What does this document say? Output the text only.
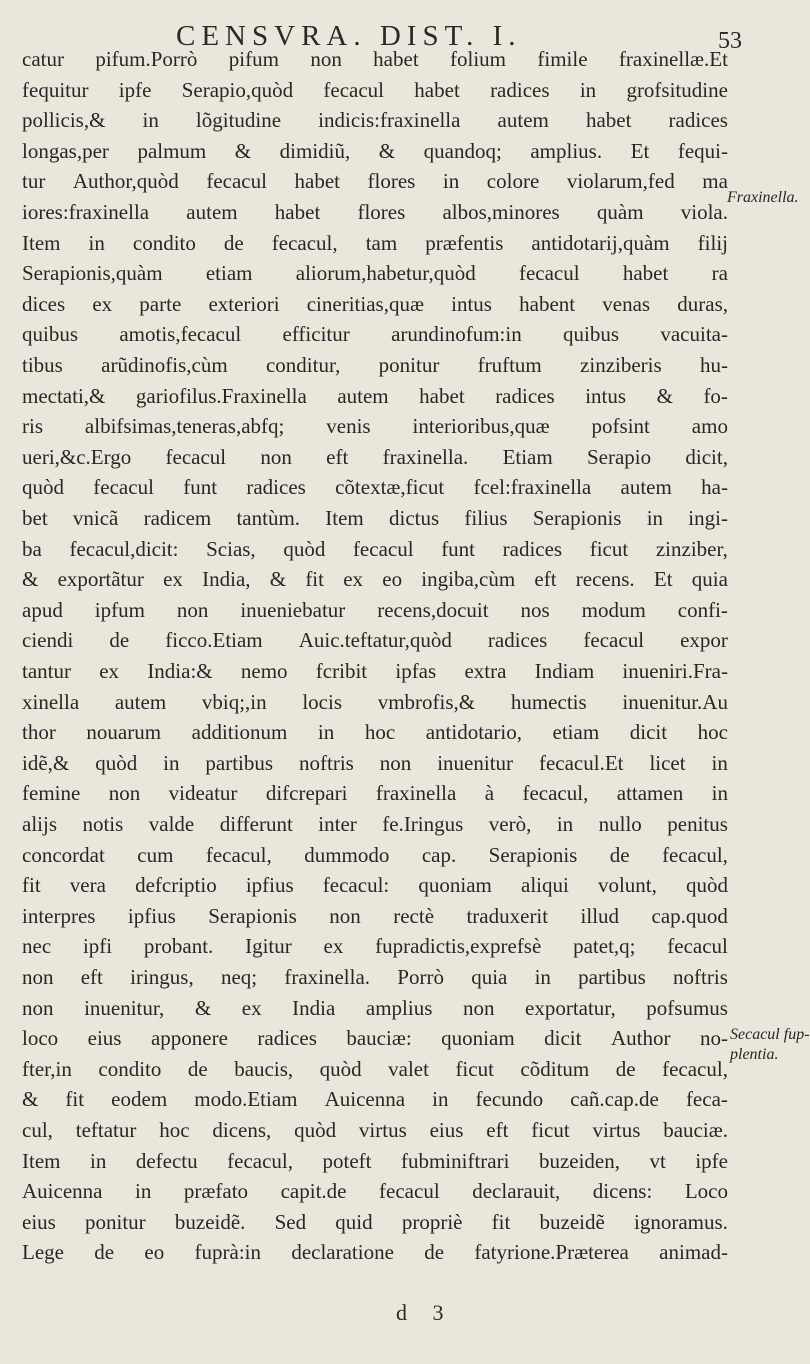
CENSVRA. DIST. I.	53
catur pifum.Porrò pifum non habet folium fimile fraxinellæ.Et
fequitur ipfe Serapio,quòd fecacul habet radices in grofsitudine
pollicis,& in lõgitudine indicis:fraxinella autem habet radices
longas,per palmum & dimidiũ, & quandoq; amplius. Et fequi-
tur Author,quòd fecacul habet flores in colore violarum,fed ma
iores:fraxinella autem habet flores albos,minores quàm viola.
Item in condito de fecacul, tam præfentis antidotarij,quàm filij
Serapionis,quàm etiam aliorum,habetur,quòd fecacul habet ra
dices ex parte exteriori cineritias,quæ intus habent venas duras,
quibus amotis,fecacul efficitur arundinofum:in quibus vacuita-
tibus arũdinofis,cùm conditur, ponitur fruftum zinziberis hu-
mectati,& gariofilus.Fraxinella autem habet radices intus & fo-
ris albifsimas,teneras,abfq; venis interioribus,quæ pofsint amo
ueri,&c.Ergo fecacul non eft fraxinella. Etiam Serapio dicit,
quòd fecacul funt radices cõtextæ,ficut fcel:fraxinella autem ha-
bet vnicã radicem tantùm. Item dictus filius Serapionis in ingi-
ba fecacul,dicit: Scias, quòd fecacul funt radices ficut zinziber,
& exportãtur ex India, & fit ex eo ingiba,cùm eft recens. Et quia
apud ipfum non inueniebatur recens,docuit nos modum confi-
ciendi de ficco.Etiam Auic.teftatur,quòd radices fecacul expor
tantur ex India:& nemo fcribit ipfas extra Indiam inueniri.Fra-
xinella autem vbiq;,in locis vmbrofis,& humectis inuenitur.Au
thor nouarum additionum in hoc antidotario, etiam dicit hoc
idẽ,& quòd in partibus noftris non inuenitur fecacul.Et licet in
femine non videatur difcrepari fraxinella à fecacul, attamen in
alijs notis valde differunt inter fe.Iringus verò, in nullo penitus
concordat cum fecacul, dummodo cap. Serapionis de fecacul,
fit vera defcriptio ipfius fecacul: quoniam aliqui volunt, quòd
interpres ipfius Serapionis non rectè traduxerit illud cap.quod
nec ipfi probant. Igitur ex fupradictis,exprefsè patet,q; fecacul
non eft iringus, neq; fraxinella. Porrò quia in partibus noftris
non inuenitur, & ex India amplius non exportatur, pofsumus
loco eius apponere radices bauciæ: quoniam dicit Author no-
fter,in condito de baucis, quòd valet ficut cõditum de fecacul,
& fit eodem modo.Etiam Auicenna in fecundo cañ.cap.de feca-
cul, teftatur hoc dicens, quòd virtus eius eft ficut virtus bauciæ.
Item in defectu fecacul, poteft fubminiftrari buzeiden, vt ipfe
Auicenna in præfato capit.de fecacul declarauit, dicens: Loco
eius ponitur buzeidẽ. Sed quid propriè fit buzeidẽ ignoramus.
Lege de eo fuprà:in declaratione de fatyrione.Præterea animad-
Fraxinella.
Secacul fup-
plentia.
d 3
